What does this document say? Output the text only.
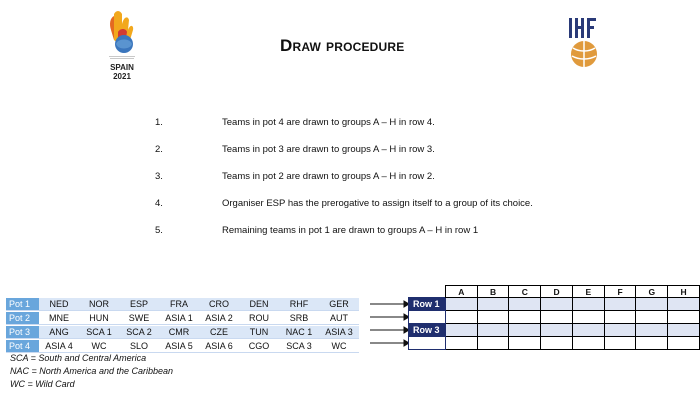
SPAIN
2021
Draw procedure
1.	Teams in pot 4 are drawn to groups A – H in row 4.
2.	Teams in pot 3 are drawn to groups A – H in row 3.
3.	Teams in pot 2 are drawn to groups A – H in row 2.
4.	Organiser ESP has the prerogative to assign itself to a group of its choice.
5.	Remaining teams in pot 1 are drawn to groups A – H in row 1
Pot 1	NED	NOR	ESP	FRA	CRO	DEN	RHF	GER
Pot 2	MNE	HUN	SWE	ASIA 1	ASIA 2	ROU	SRB	AUT
Pot 3	ANG	SCA 1	SCA 2	CMR	CZE	TUN	NAC 1	ASIA 3
Pot 4	ASIA 4	WC	SLO	ASIA 5	ASIA 6	CGO	SCA 3	WC
	A	B	C	D	E	F	G	H
Row 1								
Row 2								
Row 3								
Row 4								
SCA = South and Central America
NAC = North America and the Caribbean
WC = Wild Card
